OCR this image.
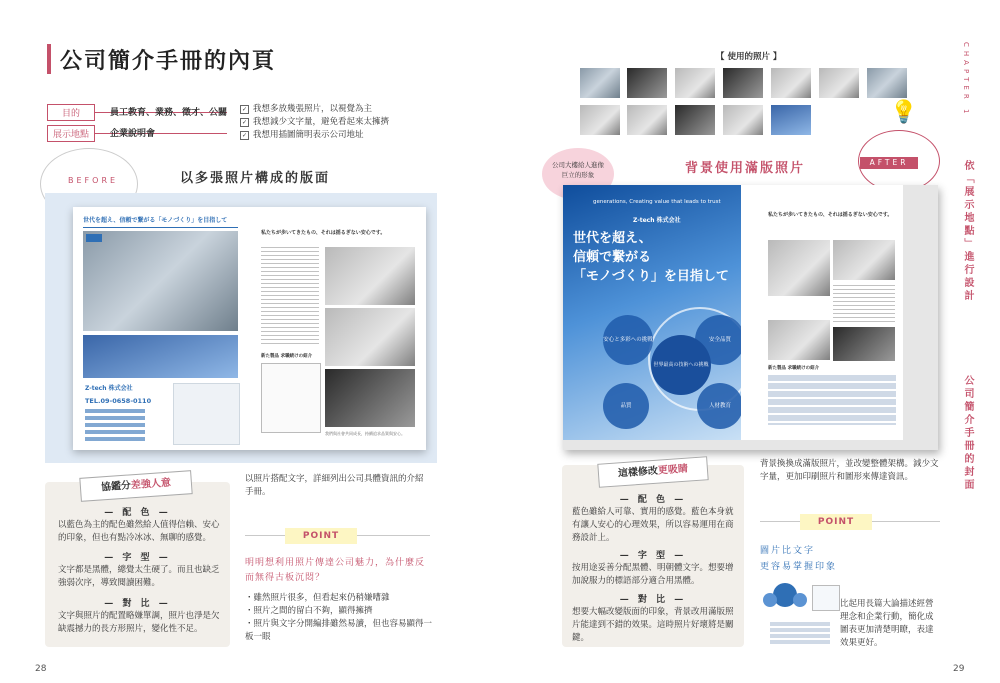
公司簡介手冊的內頁
目的	員工教育、業務、徵才、公關
展示地點	企業說明會
✓ 我想多放幾張照片，以視覺為主
✓ 我想減少文字量，避免看起來太擁擠
✓ 我想用插圖簡明表示公司地址
BEFORE	以多張照片構成的版面
世代を超え、信頼で繋がる「モノづくり」を目指して
Z-tech 株式会社
TEL.09-0658-0110
私たちが歩いてきたもの、それは揺るぎない安心です。
新た製品 求職続けの紹介
我們與社會共同成長，持續追求品質與安心。
以照片搭配文字，詳細列出公司具體資訊的介紹手冊。
協鑑分差強人意
— 配 色 —
以藍色為主的配色雖然給人值得信賴、安心的印象，但也有點冷冰冰、無聊的感覺。
— 字 型 —
文字都是黑體，總覺太生硬了。而且也缺乏強弱次序，導致閱讀困難。
— 對 比 —
文字與照片的配置略嫌單調，照片也淨是欠缺震撼力的長方形照片，變化性不足。
POINT
明明想利用照片傳達公司魅力，為什麼反而無得古板沉悶？
・雖然照片很多，但看起來仍稍嫌嘈雜
・照片之間的留白不夠，顯得擁擠
・照片與文字分開編排雖然易讀，但也容易顯得一板一眼
28
【 使用的照片 】
公司大樓給人進像巨立的形象	背景使用滿版照片
💡
AFTER
generations, Creating value that leads to trust
Z-tech 株式会社
世代を超え、
信頼で繋がる
「モノづくり」を目指して
安心と多彩への挑戦	安全品質
世界最高の技術への挑戦
品質	人材教育
私たちが歩いてきたもの、それは揺るぎない安心です。
新た製品 求職続けの紹介
背景換換成滿版照片，並改變整體架構。減少文字量，更加印刷照片和圖形來傳達資訊。
這樣修改更吸睛
— 配 色 —
藍色雖給人可靠、實用的感覺。藍色本身就有讓人安心的心理效果，所以容易運用在商務設計上。
— 字 型 —
按用途妥善分配黑體、明朝體文字。想要增加說服力的標語部分適合用黑體。
— 對 比 —
想要大幅改變版面的印象，背景改用滿版照片能達到不錯的效果。這時照片好壞將是關鍵。
POINT
圖片比文字
更容易掌握印象
比起用長篇大論描述經營理念和企業行動，簡化成圖表更加清楚明瞭，表達效果更好。
CHAPTER 1
依「展示地點」進行設計
公司簡介手冊的封面
29
